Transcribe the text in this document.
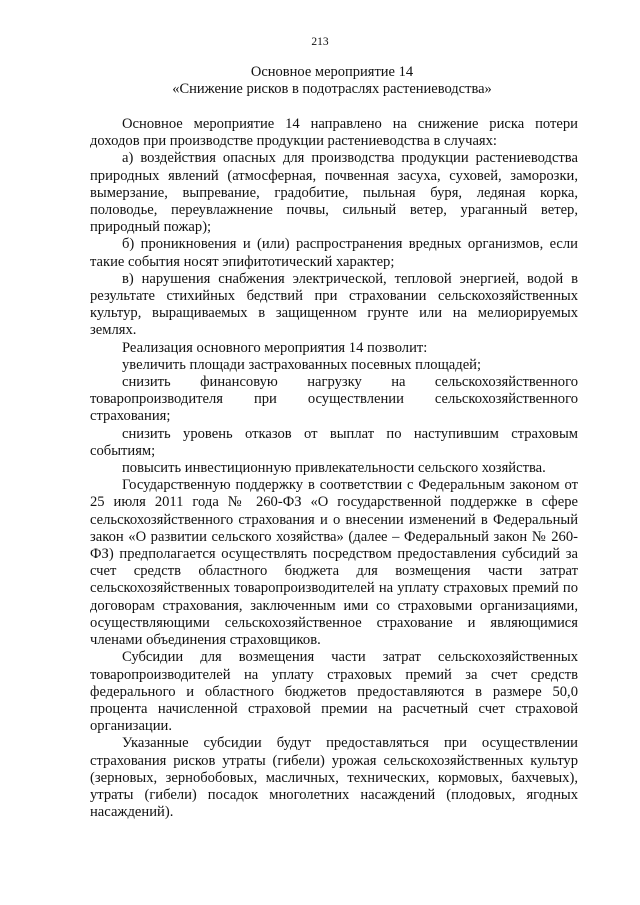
213
Основное мероприятие 14
«Снижение рисков в подотраслях растениеводства»

Основное мероприятие 14 направлено на снижение риска потери доходов при производстве продукции растениеводства в случаях:

а) воздействия опасных для производства продукции растениеводства природных явлений (атмосферная, почвенная засуха, суховей, заморозки, вымерзание, выпревание, градобитие, пыльная буря, ледяная корка, половодье, переувлажнение почвы, сильный ветер, ураганный ветер, природный пожар);

б) проникновения и (или) распространения вредных организмов, если такие события носят эпифитотический характер;

в) нарушения снабжения электрической, тепловой энергией, водой в результате стихийных бедствий при страховании сельскохозяйственных культур, выращиваемых в защищенном грунте или на мелиорируемых землях.

Реализация основного мероприятия 14 позволит:

увеличить площади застрахованных посевных площадей;

снизить финансовую нагрузку на сельскохозяйственного товаропроизводителя при осуществлении сельскохозяйственного страхования;

снизить уровень отказов от выплат по наступившим страховым событиям;

повысить инвестиционную привлекательности сельского хозяйства.

Государственную поддержку в соответствии с Федеральным законом от 25 июля 2011 года № 260-ФЗ «О государственной поддержке в сфере сельскохозяйственного страхования и о внесении изменений в Федеральный закон «О развитии сельского хозяйства» (далее – Федеральный закон № 260-ФЗ) предполагается осуществлять посредством предоставления субсидий за счет средств областного бюджета для возмещения части затрат сельскохозяйственных товаропроизводителей на уплату страховых премий по договорам страхования, заключенным ими со страховыми организациями, осуществляющими сельскохозяйственное страхование и являющимися членами объединения страховщиков.

Субсидии для возмещения части затрат сельскохозяйственных товаропроизводителей на уплату страховых премий за счет средств федерального и областного бюджетов предоставляются в размере 50,0 процента начисленной страховой премии на расчетный счет страховой организации.

Указанные субсидии будут предоставляться при осуществлении страхования рисков утраты (гибели) урожая сельскохозяйственных культур (зерновых, зернобобовых, масличных, технических, кормовых, бахчевых), утраты (гибели) посадок многолетних насаждений (плодовых, ягодных насаждений).
